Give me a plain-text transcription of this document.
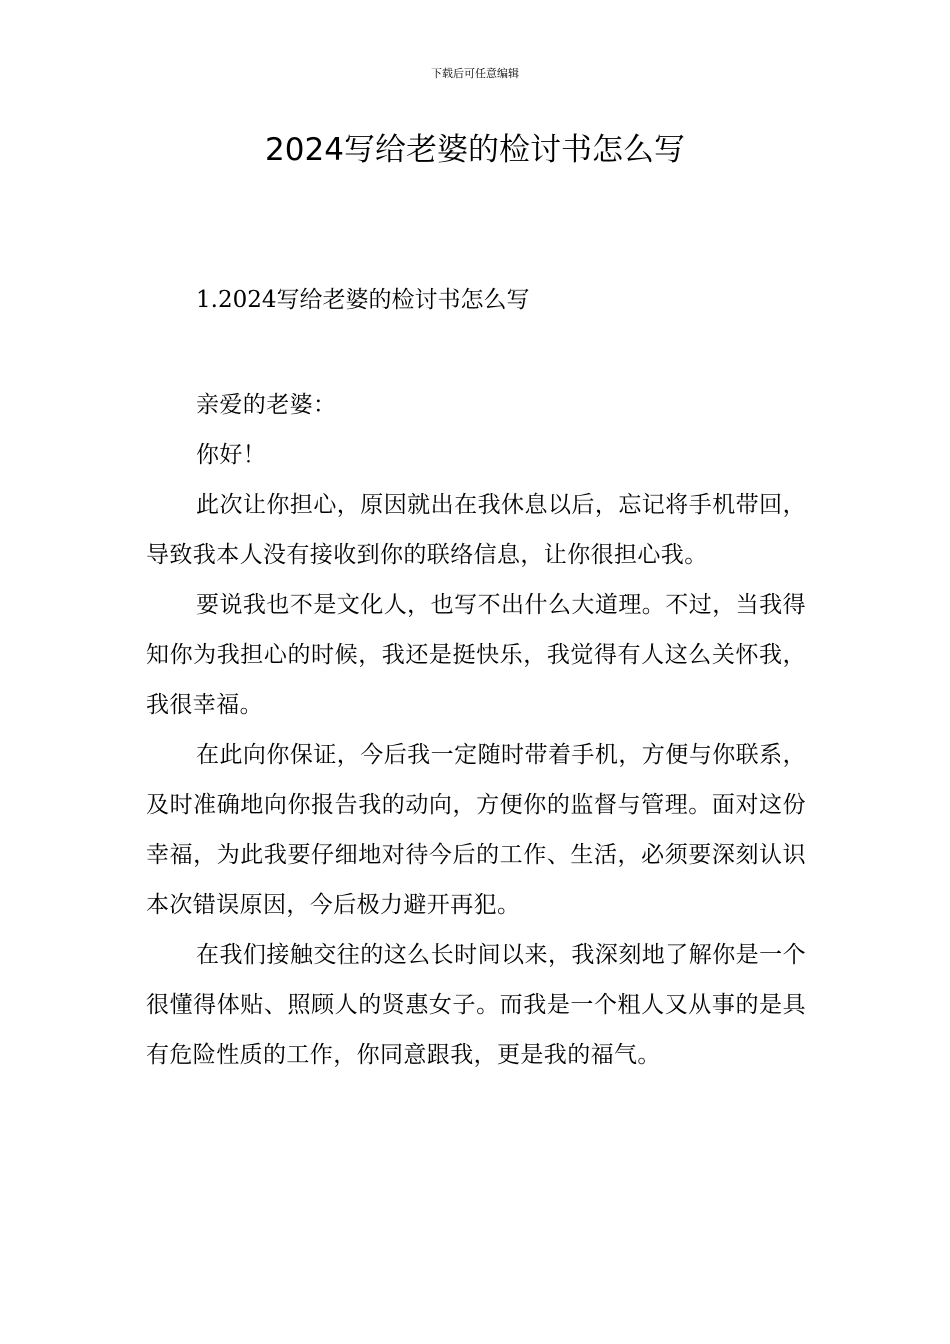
下载后可任意编辑
2024写给老婆的检讨书怎么写
1.2024写给老婆的检讨书怎么写

亲爱的老婆：

你好！

此次让你担心，原因就出在我休息以后，忘记将手机带回，导致我本人没有接收到你的联络信息，让你很担心我。

要说我也不是文化人，也写不出什么大道理。不过，当我得知你为我担心的时候，我还是挺快乐，我觉得有人这么关怀我，我很幸福。

在此向你保证，今后我一定随时带着手机，方便与你联系，及时准确地向你报告我的动向，方便你的监督与管理。面对这份幸福，为此我要仔细地对待今后的工作、生活，必须要深刻认识本次错误原因，今后极力避开再犯。

在我们接触交往的这么长时间以来，我深刻地了解你是一个很懂得体贴、照顾人的贤惠女子。而我是一个粗人又从事的是具有危险性质的工作，你同意跟我，更是我的福气。
